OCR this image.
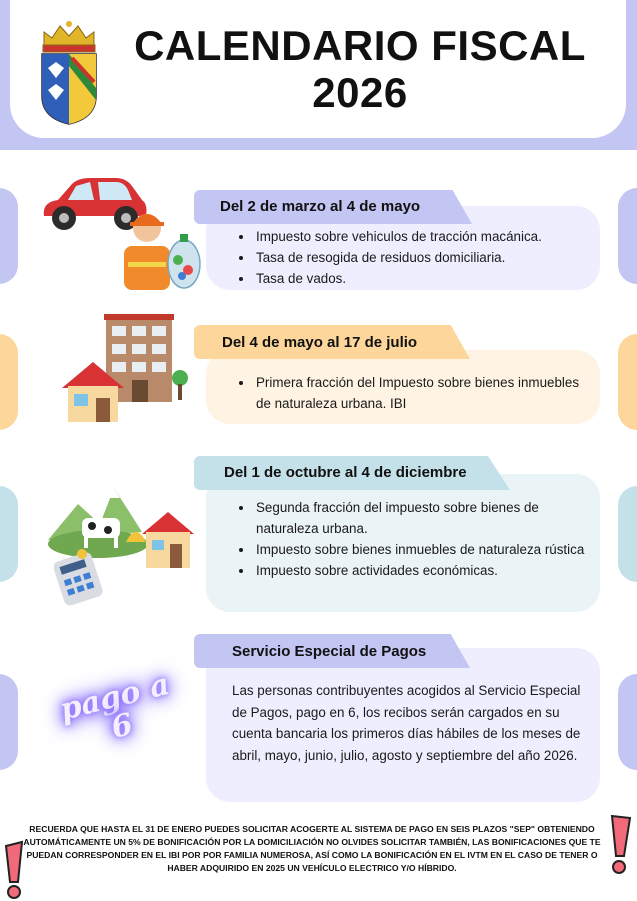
CALENDARIO FISCAL
2026
Del 2 de marzo al 4 de mayo
• Impuesto sobre vehiculos de tracción macánica.
• Tasa de resogida de residuos domiciliaria.
• Tasa de vados.
Del 4 de mayo al 17 de julio
• Primera fracción del Impuesto sobre bienes inmuebles de naturaleza urbana. IBI
Del 1 de octubre al 4 de diciembre
• Segunda fracción del impuesto sobre bienes de naturaleza urbana.
• Impuesto sobre bienes inmuebles de naturaleza rústica
• Impuesto sobre actividades económicas.
Servicio Especial de Pagos

Las personas contribuyentes acogidos al Servicio Especial de Pagos, pago en 6, los recibos serán cargados en su cuenta bancaria los primeros días hábiles de los meses de abril, mayo, junio, julio, agosto y septiembre del año 2026.

pago a 6
RECUERDA QUE HASTA EL 31 DE ENERO PUEDES SOLICITAR ACOGERTE AL SISTEMA DE PAGO EN SEIS PLAZOS "SEP" OBTENIENDO AUTOMÁTICAMENTE UN 5% DE BONIFICACIÓN POR LA DOMICILIACIÓN NO OLVIDES SOLICITAR TAMBIÉN, LAS BONIFICACIONES QUE TE PUEDAN CORRESPONDER EN EL IBI POR POR FAMILIA NUMEROSA, ASÍ COMO LA BONIFICACIÓN EN EL IVTM EN EL CASO DE TENER O HABER ADQUIRIDO EN 2025 UN VEHÍCULO ELECTRICO Y/O HÍBRIDO.
